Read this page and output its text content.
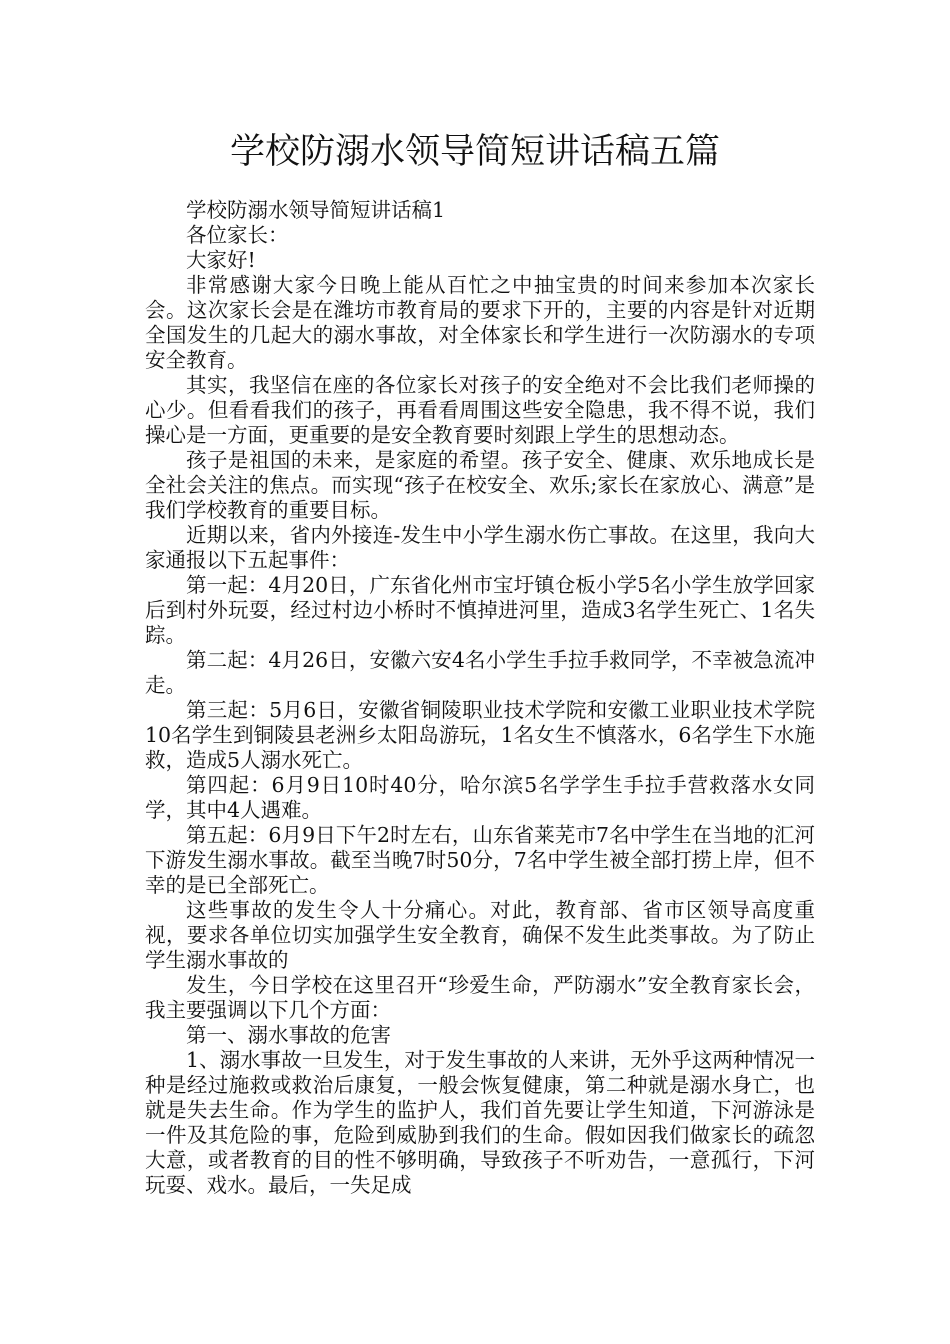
学校防溺水领导简短讲话稿五篇

学校防溺水领导简短讲话稿1

各位家长：

大家好!

非常感谢大家今日晚上能从百忙之中抽宝贵的时间来参加本次家长会。这次家长会是在潍坊市教育局的要求下开的，主要的内容是针对近期全国发生的几起大的溺水事故，对全体家长和学生进行一次防溺水的专项安全教育。

其实，我坚信在座的各位家长对孩子的安全绝对不会比我们老师操的心少。但看看我们的孩子，再看看周围这些安全隐患，我不得不说，我们操心是一方面，更重要的是安全教育要时刻跟上学生的思想动态。

孩子是祖国的未来，是家庭的希望。孩子安全、健康、欢乐地成长是全社会关注的焦点。而实现“孩子在校安全、欢乐;家长在家放心、满意”是我们学校教育的重要目标。

近期以来，省内外接连-发生中小学生溺水伤亡事故。在这里，我向大家通报以下五起事件：

第一起：4月20日，广东省化州市宝圩镇仓板小学5名小学生放学回家后到村外玩耍，经过村边小桥时不慎掉进河里，造成3名学生死亡、1名失踪。

第二起：4月26日，安徽六安4名小学生手拉手救同学，不幸被急流冲走。

第三起：5月6日，安徽省铜陵职业技术学院和安徽工业职业技术学院10名学生到铜陵县老洲乡太阳岛游玩，1名女生不慎落水，6名学生下水施救，造成5人溺水死亡。

第四起：6月9日10时40分，哈尔滨5名学学生手拉手营救落水女同学，其中4人遇难。

第五起：6月9日下午2时左右，山东省莱芜市7名中学生在当地的汇河下游发生溺水事故。截至当晚7时50分，7名中学生被全部打捞上岸，但不幸的是已全部死亡。

这些事故的发生令人十分痛心。对此，教育部、省市区领导高度重视，要求各单位切实加强学生安全教育，确保不发生此类事故。为了防止学生溺水事故的

发生，今日学校在这里召开“珍爱生命，严防溺水”安全教育家长会，我主要强调以下几个方面：

第一、溺水事故的危害

1、溺水事故一旦发生，对于发生事故的人来讲，无外乎这两种情况一种是经过施救或救治后康复，一般会恢复健康，第二种就是溺水身亡，也就是失去生命。作为学生的监护人，我们首先要让学生知道，下河游泳是一件及其危险的事，危险到威胁到我们的生命。假如因我们做家长的疏忽大意，或者教育的目的性不够明确，导致孩子不听劝告，一意孤行，下河玩耍、戏水。最后，一失足成
